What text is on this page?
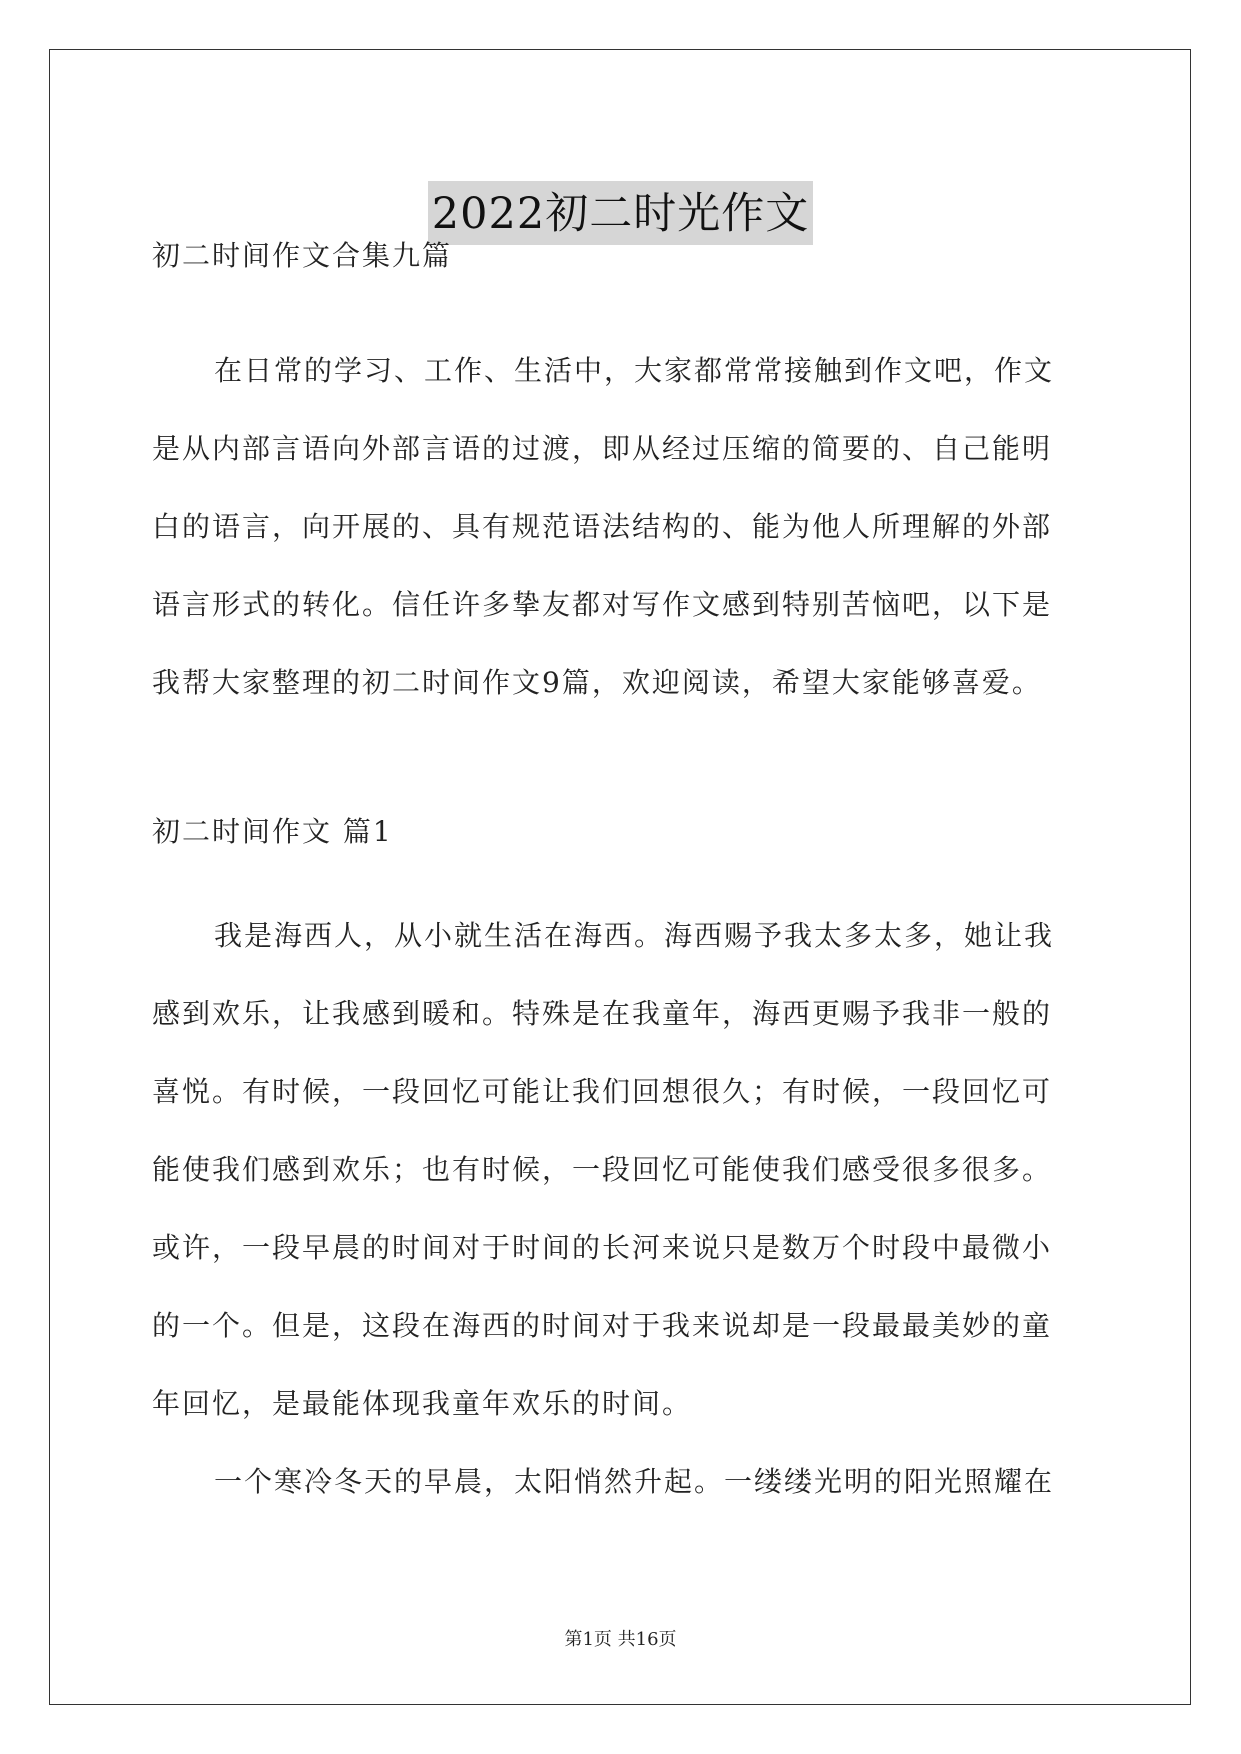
2022初二时光作文

初二时间作文合集九篇

在日常的学习、工作、生活中，大家都常常接触到作文吧，作文

是从内部言语向外部言语的过渡，即从经过压缩的简要的、自己能明

白的语言，向开展的、具有规范语法结构的、能为他人所理解的外部

语言形式的转化。信任许多挚友都对写作文感到特别苦恼吧，以下是

我帮大家整理的初二时间作文9篇，欢迎阅读，希望大家能够喜爱。

初二时间作文 篇1

我是海西人，从小就生活在海西。海西赐予我太多太多，她让我

感到欢乐，让我感到暖和。特殊是在我童年，海西更赐予我非一般的

喜悦。有时候，一段回忆可能让我们回想很久；有时候，一段回忆可

能使我们感到欢乐；也有时候，一段回忆可能使我们感受很多很多。

或许，一段早晨的时间对于时间的长河来说只是数万个时段中最微小

的一个。但是，这段在海西的时间对于我来说却是一段最最美妙的童

年回忆，是最能体现我童年欢乐的时间。

一个寒冷冬天的早晨，太阳悄然升起。一缕缕光明的阳光照耀在

第1页 共16页
